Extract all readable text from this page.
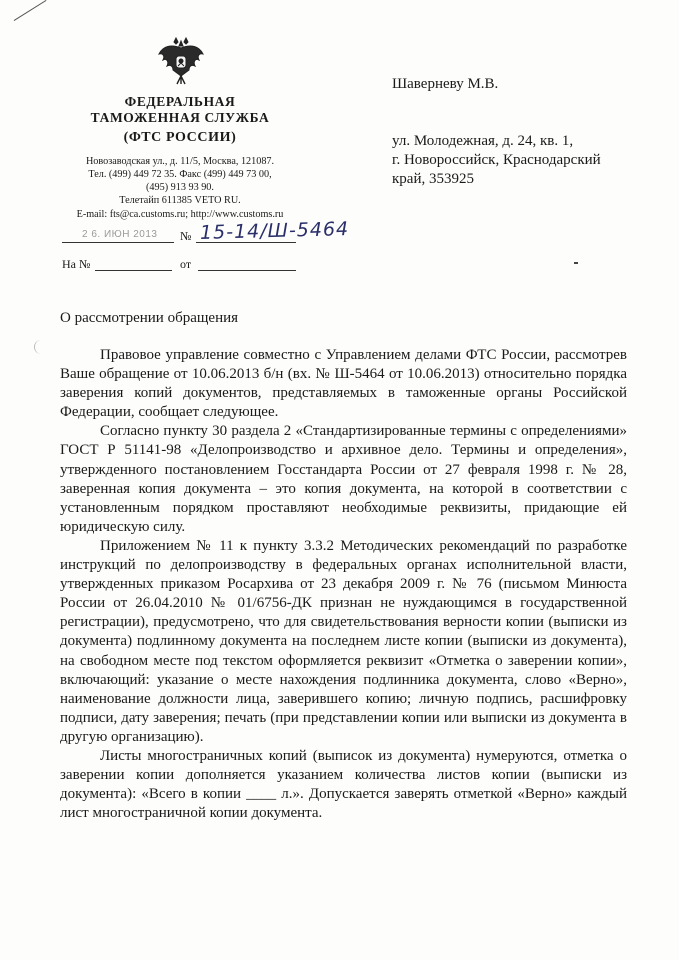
ФЕДЕРАЛЬНАЯ
ТАМОЖЕННАЯ СЛУЖБА
(ФТС РОССИИ)
Новозаводская ул., д. 11/5, Москва, 121087.
Тел. (499) 449 72 35. Факс (499) 449 73 00,
(495) 913 93 90.
Телетайп 611385 VETO RU.
E-mail: fts@ca.customs.ru; http://www.customs.ru
2 6. ИЮН 2013 № 15-14/Ш-5464
На №	от
Шаверневу М.В.
ул. Молодежная, д. 24, кв. 1,
г. Новороссийск, Краснодарский
край, 353925
О рассмотрении обращения

Правовое управление совместно с Управлением делами ФТС России, рассмотрев Ваше обращение от 10.06.2013 б/н (вх. № Ш-5464 от 10.06.2013) относительно порядка заверения копий документов, представляемых в таможенные органы Российской Федерации, сообщает следующее.

Согласно пункту 30 раздела 2 «Стандартизированные термины с определениями» ГОСТ Р 51141-98 «Делопроизводство и архивное дело. Термины и определения», утвержденного постановлением Госстандарта России от 27 февраля 1998 г. № 28, заверенная копия документа – это копия документа, на которой в соответствии с установленным порядком проставляют необходимые реквизиты, придающие ей юридическую силу.

Приложением № 11 к пункту 3.3.2 Методических рекомендаций по разработке инструкций по делопроизводству в федеральных органах исполнительной власти, утвержденных приказом Росархива от 23 декабря 2009 г. № 76 (письмом Минюста России от 26.04.2010 № 01/6756-ДК признан не нуждающимся в государственной регистрации), предусмотрено, что для свидетельствования верности копии (выписки из документа) подлинному документа на последнем листе копии (выписки из документа), на свободном месте под текстом оформляется реквизит «Отметка о заверении копии», включающий: указание о месте нахождения подлинника документа, слово «Верно», наименование должности лица, заверившего копию; личную подпись, расшифровку подписи, дату заверения; печать (при представлении копии или выписки из документа в другую организацию).

Листы многостраничных копий (выписок из документа) нумеруются, отметка о заверении копии дополняется указанием количества листов копии (выписки из документа): «Всего в копии ____ л.». Допускается заверять отметкой «Верно» каждый лист многостраничной копии документа.
